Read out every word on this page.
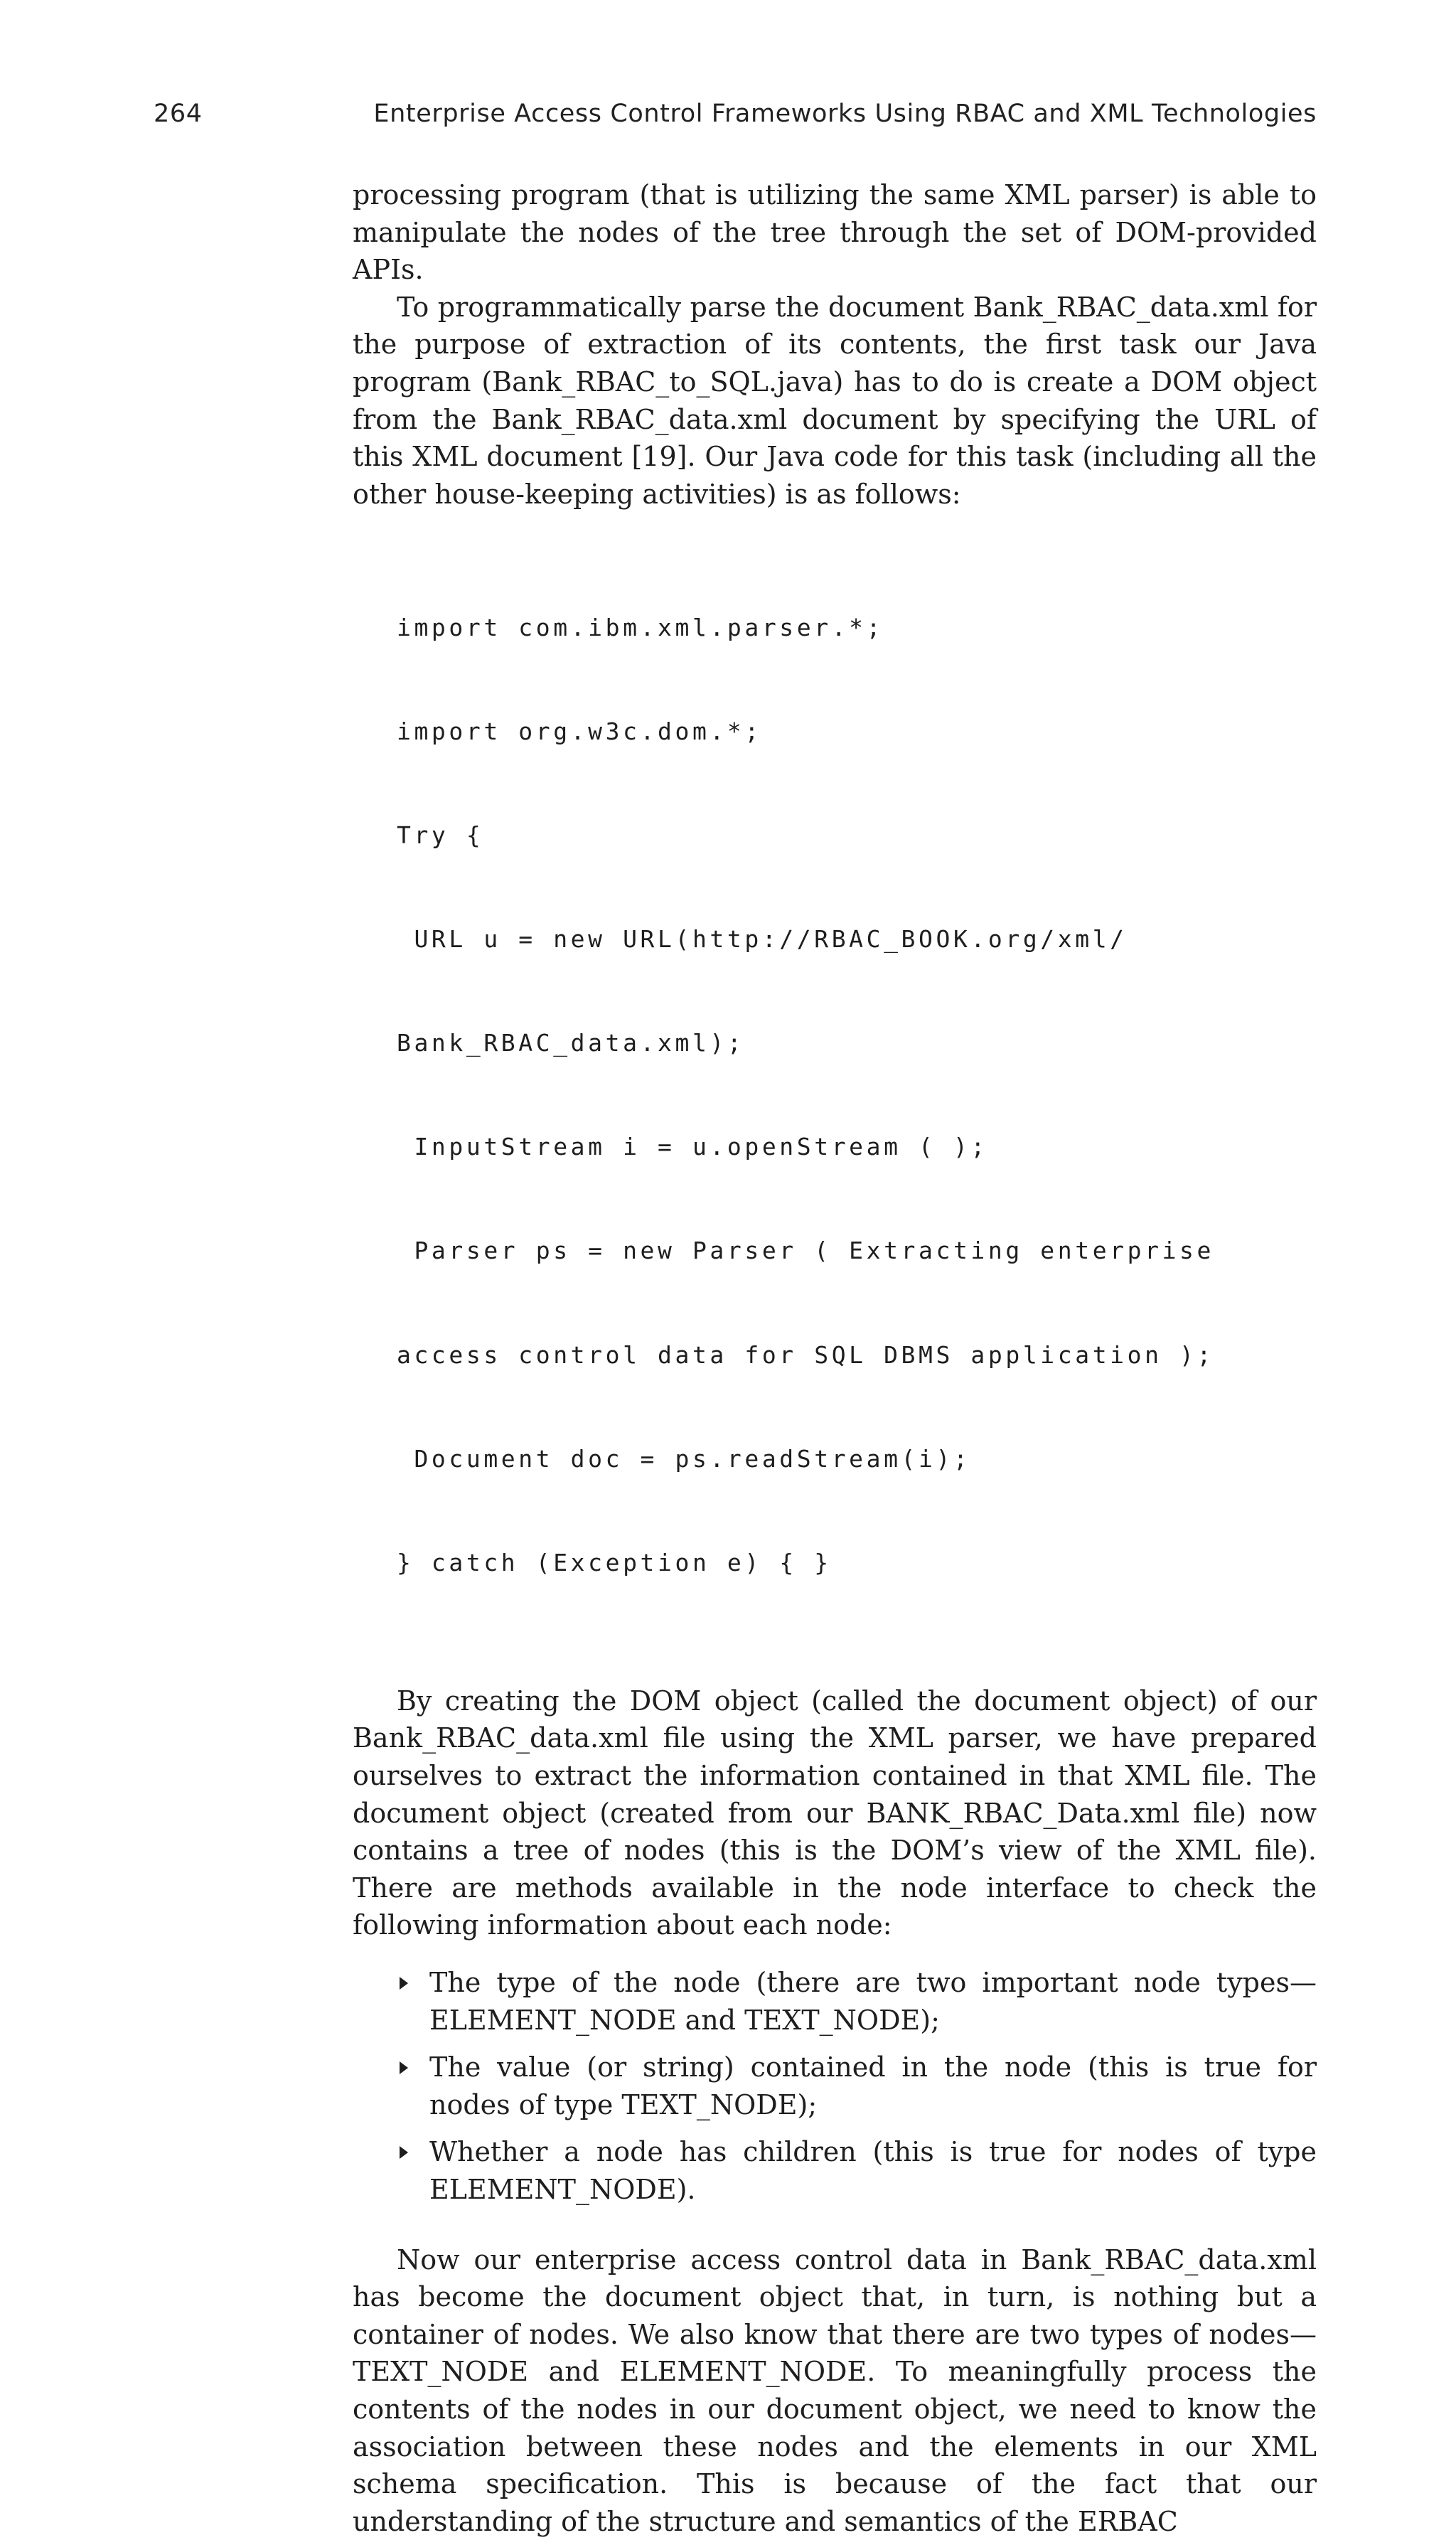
264	Enterprise Access Control Frameworks Using RBAC and XML Technologies

processing program (that is utilizing the same XML parser) is able to manipulate the nodes of the tree through the set of DOM-provided APIs.

To programmatically parse the document Bank_RBAC_data.xml for the purpose of extraction of its contents, the first task our Java program (Bank_RBAC_to_SQL.java) has to do is create a DOM object from the Bank_RBAC_data.xml document by specifying the URL of this XML document [19]. Our Java code for this task (including all the other house-keeping activities) is as follows:

import com.ibm.xml.parser.*;

import org.w3c.dom.*;

Try {

URL u = new URL(http://RBAC_BOOK.org/xml/

Bank_RBAC_data.xml);

InputStream i = u.openStream ( );

Parser ps = new Parser ( Extracting enterprise

access control data for SQL DBMS application );

Document doc = ps.readStream(i);

} catch (Exception e) { }

By creating the DOM object (called the document object) of our Bank_RBAC_data.xml file using the XML parser, we have prepared ourselves to extract the information contained in that XML file. The document object (created from our BANK_RBAC_Data.xml file) now contains a tree of nodes (this is the DOM’s view of the XML file). There are methods available in the node interface to check the following information about each node:

The type of the node (there are two important node types—ELEMENT_NODE and TEXT_NODE);
The value (or string) contained in the node (this is true for nodes of type TEXT_NODE);
Whether a node has children (this is true for nodes of type ELEMENT_NODE).

Now our enterprise access control data in Bank_RBAC_data.xml has become the document object that, in turn, is nothing but a container of nodes. We also know that there are two types of nodes—TEXT_NODE and ELEMENT_NODE. To meaningfully process the contents of the nodes in our document object, we need to know the association between these nodes and the elements in our XML schema specification. This is because of the fact that our understanding of the structure and semantics of the ERBAC
